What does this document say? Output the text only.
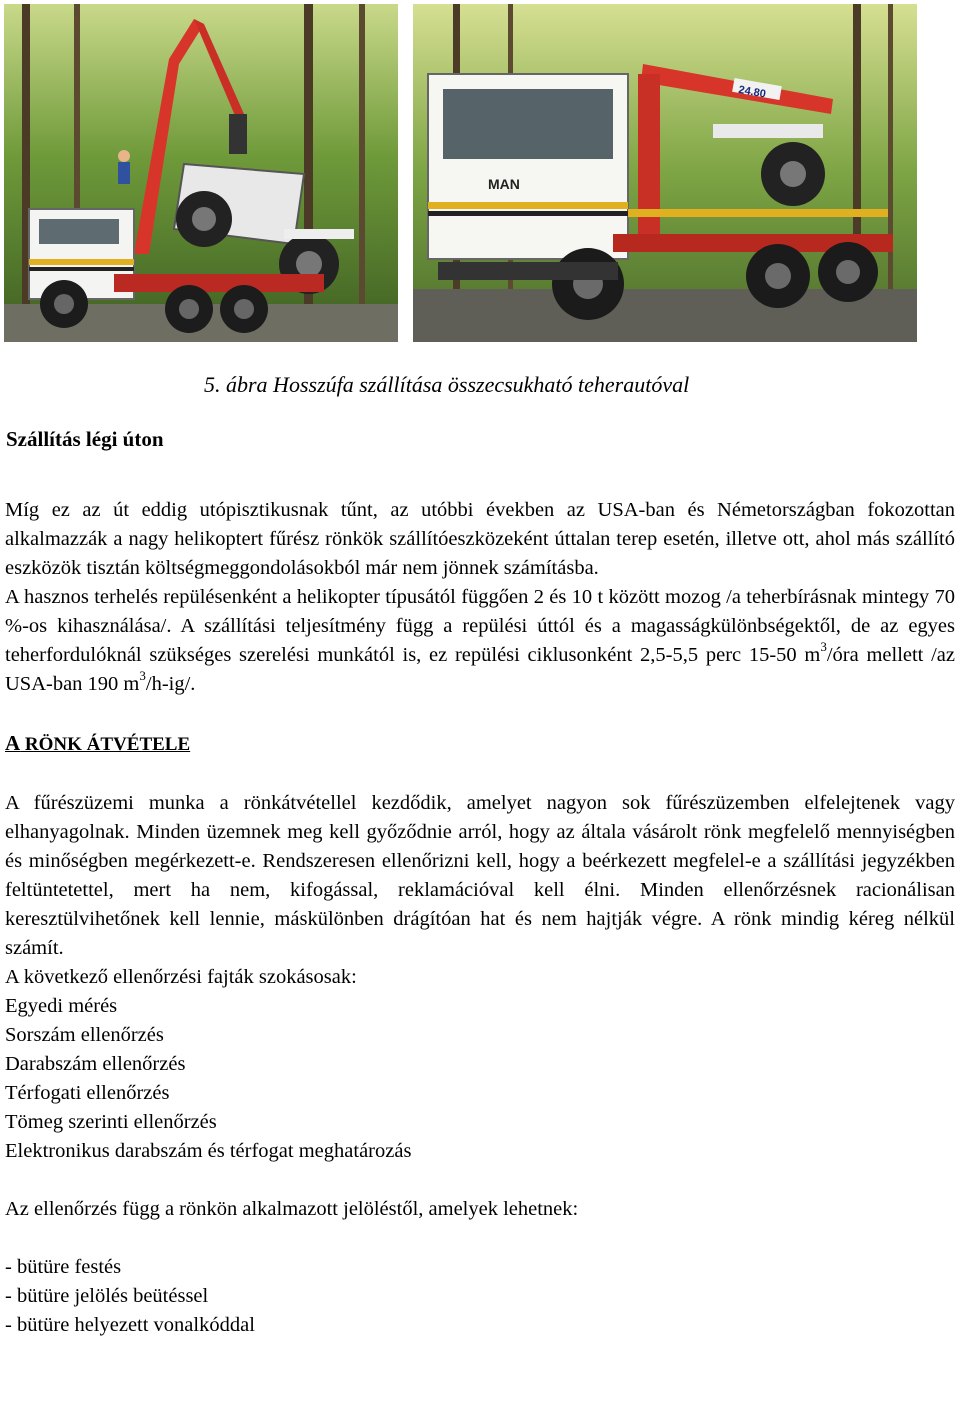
24.80
MAN
5. ábra Hosszúfa szállítása összecsukható teherautóval
Szállítás légi úton

Míg ez az út eddig utópisztikusnak tűnt, az utóbbi években az USA-ban és Németországban fokozottan alkalmazzák a nagy helikoptert fűrész rönkök szállítóeszközeként úttalan terep esetén, illetve ott, ahol más szállító eszközök tisztán költségmeggondolásokból már nem jönnek számításba.

A hasznos terhelés repülésenként a helikopter típusától függően 2 és 10 t között mozog /a teherbírásnak mintegy 70 %-os kihasználása/. A szállítási teljesítmény függ a repülési úttól és a magasságkülönbségektől, de az egyes teherfordulóknál szükséges szerelési munkától is, ez repülési ciklusonként 2,5-5,5 perc 15-50 $m^3$/óra mellett /az USA-ban 190 $m^3/h-ig/$.

A RÖNK ÁTVÉTELE

A fűrészüzemi munka a rönkátvétellel kezdődik, amelyet nagyon sok fűrészüzemben elfelejtenek vagy elhanyagolnak. Minden üzemnek meg kell győződnie arról, hogy az általa vásárolt rönk megfelelő mennyiségben és minőségben megérkezett-e. Rendszeresen ellenőrizni kell, hogy a beérkezett megfelel-e a szállítási jegyzékben feltüntetettel, mert ha nem, kifogással, reklamációval kell élni. Minden ellenőrzésnek racionálisan keresztülvihetőnek kell lennie, máskülönben drágítóan hat és nem hajtják végre. A rönk mindig kéreg nélkül számít.

A következő ellenőrzési fajták szokásosak:

Egyedi mérés

Sorszám ellenőrzés

Darabszám ellenőrzés

Térfogati ellenőrzés

Tömeg szerinti ellenőrzés

Elektronikus darabszám és térfogat meghatározás

Az ellenőrzés függ a rönkön alkalmazott jelöléstől, amelyek lehetnek:

- bütüre festés

- bütüre jelölés beütéssel

- bütüre helyezett vonalkóddal
